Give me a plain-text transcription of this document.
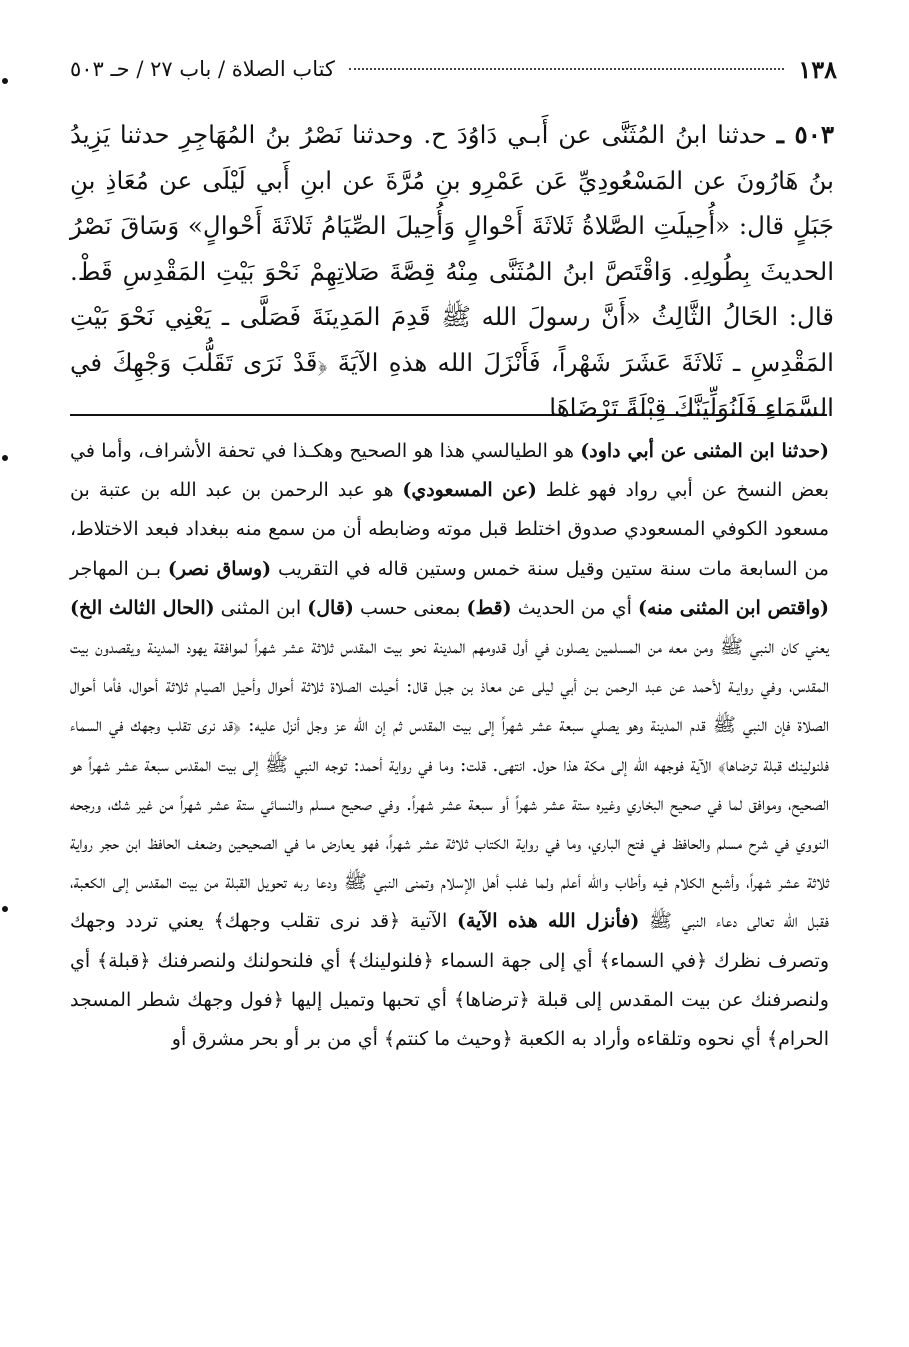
١٣٨
كتاب الصلاة / باب ٢٧ / حـ ٥٠٣
٥٠٣ ـ حدثنا ابنُ المُثَنَّى عن أَبـي دَاوُدَ ح. وحدثنا نَصْرُ بنُ المُهَاجِرِ حدثنا يَزِيدُ بنُ هَارُونَ عن المَسْعُودِيِّ عَن عَمْرِو بنِ مُرَّةَ عن ابنِ أَبي لَيْلَى عن مُعَاذِ بنِ جَبَلٍ قال: «أُحِيلَتِ الصَّلاةُ ثَلاثَةَ أَحْوالٍ وَأُحِيلَ الصِّيَامُ ثَلاثَةَ أَحْوالٍ» وَسَاقَ نَصْرُ الحديثَ بِطُولِهِ. وَاقْتَصَّ ابنُ المُثَنَّى مِنْهُ قِصَّةَ صَلاتِهِمْ نَحْوَ بَيْتِ المَقْدِسِ قَطْ. قال: الحَالُ الثَّالِثُ «أَنَّ رسولَ الله ﷺ قَدِمَ المَدِينَةَ فَصَلَّى ـ يَعْنِي نَحْوَ بَيْتِ المَقْدِسِ ـ ثَلاثَةَ عَشَرَ شَهْراً، فَأَنْزَلَ الله هذهِ الآيَةَ ﴿قَدْ نَرَى تَقَلُّبَ وَجْهِكَ في السَّمَاءِ فَلَنُوَلِّيَنَّكَ قِبْلَةً تَرْضَاهَا
(حدثنا ابن المثنى عن أبي داود) هو الطيالسي هذا هو الصحيح وهكـذا في تحفة الأشراف، وأما في بعض النسخ عن أبي رواد فهو غلط (عن المسعودي) هو عبد الرحمن بن عبد الله بن عتبة بن مسعود الكوفي المسعودي صدوق اختلط قبل موته وضابطه أن من سمع منه ببغداد فبعد الاختلاط، من السابعة مات سنة ستين وقيل سنة خمس وستين قاله في التقريب (وساق نصر) بـن المهاجر (واقتص ابن المثنى منه) أي من الحديث (قط) بمعنى حسب (قال) ابن المثنى (الحال الثالث الخ) يعني كان النبي ﷺ ومن معه من المسلمين يصلون في أول قدومهم المدينة نحو بيت المقدس ثلاثة عشر شهراً لموافقة يهود المدينة ويقصدون بيت المقدس، وفي روايـة لأحمد عن عبد الرحمن بـن أبي ليلى عن معاذ بن جبل قال: أحيلت الصلاة ثلاثة أحوال وأحيل الصيام ثلاثة أحوال، فأما أحوال الصلاة فإن النبي ﷺ قدم المدينة وهو يصلي سبعة عشر شهراً إلى بيت المقدس ثم إن الله عز وجل أنزل عليه: ﴿قد نرى تقلب وجهك في السماء فلنولينك قبلة ترضاها﴾ الآية فوجهه الله إلى مكة هذا حول. انتهى. قلت: وما في رواية أحمد: توجه النبي ﷺ إلى بيت المقدس سبعة عشر شهراً هو الصحيح، وموافق لما في صحيح البخاري وغيره ستة عشر شهراً أو سبعة عشر شهراً. وفي صحيح مسلم والنسائي ستة عشر شهراً من غير شك، ورجحه النووي في شرح مسلم والحافظ في فتح الباري، وما في رواية الكتاب ثلاثة عشر شهراً، فهو يعارض ما في الصحيحين وضعف الحافظ ابن حجر رواية ثلاثة عشر شهراً، وأشبع الكلام فيه وأطاب والله أعلم ولما غلب أهل الإسلام وتمنى النبي ﷺ ودعا ربه تحويل القبلة من بيت المقدس إلى الكعبة، فقبل الله تعالى دعاء النبي ﷺ (فأنزل الله هذه الآية) الآتية ﴿قد نرى تقلب وجهك﴾ يعني تردد وجهك وتصرف نظرك ﴿في السماء﴾ أي إلى جهة السماء ﴿فلنولينك﴾ أي فلنحولنك ولنصرفنك ﴿قبلة﴾ أي ولنصرفنك عن بيت المقدس إلى قبلة ﴿ترضاها﴾ أي تحبها وتميل إليها ﴿فول وجهك شطر المسجد الحرام﴾ أي نحوه وتلقاءه وأراد به الكعبة ﴿وحيث ما كنتم﴾ أي من بر أو بحر مشرق أو
